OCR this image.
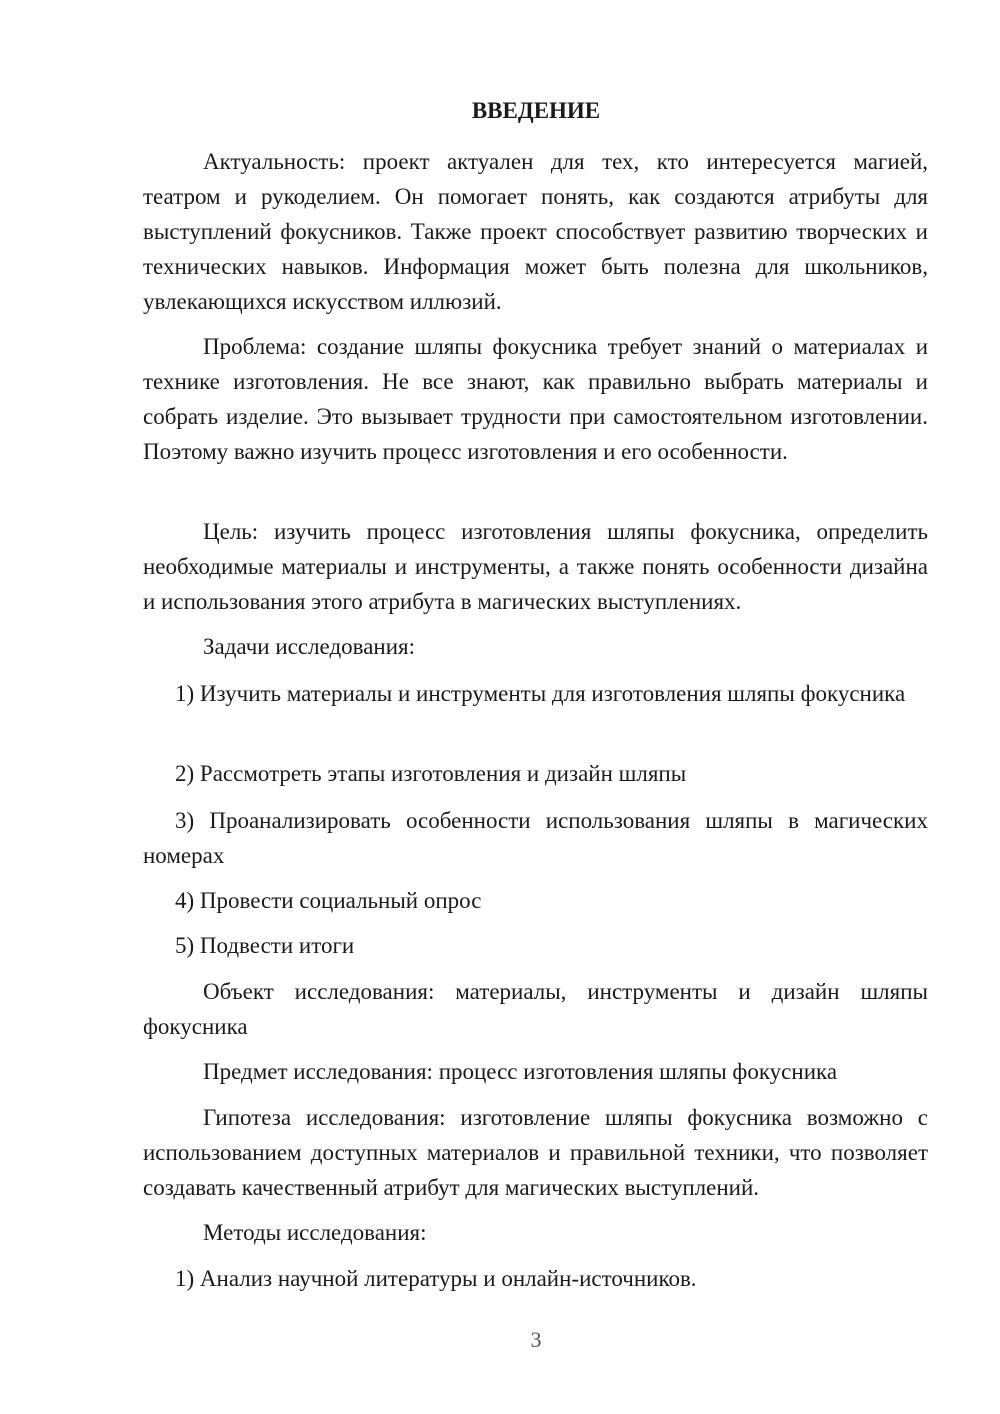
ВВЕДЕНИЕ

Актуальность: проект актуален для тех, кто интересуется магией, театром и рукоделием. Он помогает понять, как создаются атрибуты для выступлений фокусников. Также проект способствует развитию творческих и технических навыков. Информация может быть полезна для школьников, увлекающихся искусством иллюзий.

Проблема: создание шляпы фокусника требует знаний о материалах и технике изготовления. Не все знают, как правильно выбрать материалы и собрать изделие. Это вызывает трудности при самостоятельном изготовлении. Поэтому важно изучить процесс изготовления и его особенности.

Цель: изучить процесс изготовления шляпы фокусника, определить необходимые материалы и инструменты, а также понять особенности дизайна и использования этого атрибута в магических выступлениях.

Задачи исследования:

1) Изучить материалы и инструменты для изготовления шляпы фокусника

2) Рассмотреть этапы изготовления и дизайн шляпы

3) Проанализировать особенности использования шляпы в магических номерах

4) Провести социальный опрос

5) Подвести итоги

Объект исследования: материалы, инструменты и дизайн шляпы фокусника

Предмет исследования: процесс изготовления шляпы фокусника

Гипотеза исследования: изготовление шляпы фокусника возможно с использованием доступных материалов и правильной техники, что позволяет создавать качественный атрибут для магических выступлений.

Методы исследования:

1) Анализ научной литературы и онлайн-источников.

3
